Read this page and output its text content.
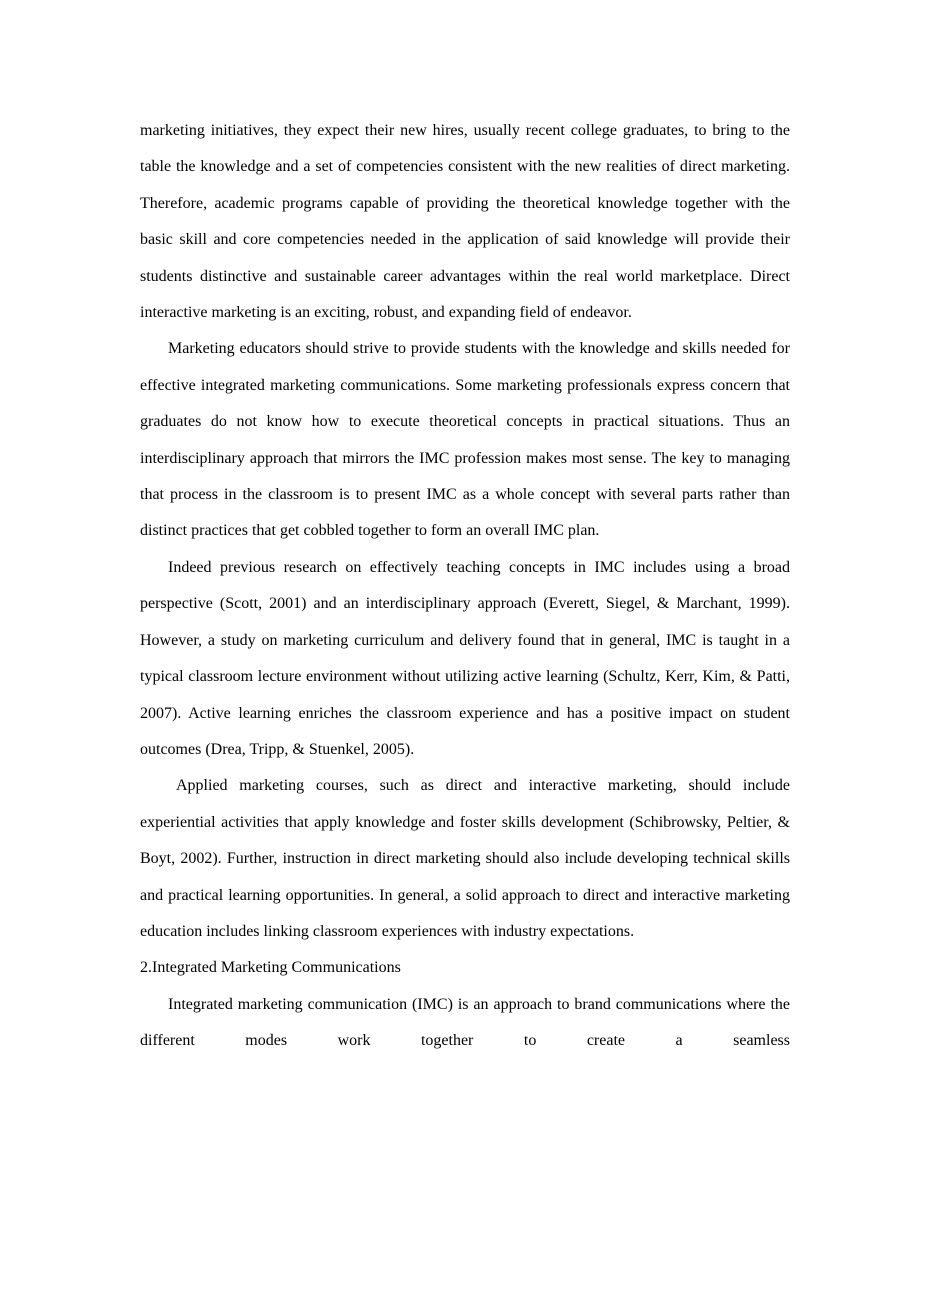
marketing initiatives, they expect their new hires, usually recent college graduates, to bring to the table the knowledge and a set of competencies consistent with the new realities of direct marketing. Therefore, academic programs capable of providing the theoretical knowledge together with the basic skill and core competencies needed in the application of said knowledge will provide their students distinctive and sustainable career advantages within the real world marketplace. Direct interactive marketing is an exciting, robust, and expanding field of endeavor.

Marketing educators should strive to provide students with the knowledge and skills needed for effective integrated marketing communications. Some marketing professionals express concern that graduates do not know how to execute theoretical concepts in practical situations. Thus an interdisciplinary approach that mirrors the IMC profession makes most sense. The key to managing that process in the classroom is to present IMC as a whole concept with several parts rather than distinct practices that get cobbled together to form an overall IMC plan.

Indeed previous research on effectively teaching concepts in IMC includes using a broad perspective (Scott, 2001) and an interdisciplinary approach (Everett, Siegel, & Marchant, 1999). However, a study on marketing curriculum and delivery found that in general, IMC is taught in a typical classroom lecture environment without utilizing active learning (Schultz, Kerr, Kim, & Patti, 2007). Active learning enriches the classroom experience and has a positive impact on student outcomes (Drea, Tripp, & Stuenkel, 2005).

Applied marketing courses, such as direct and interactive marketing, should include experiential activities that apply knowledge and foster skills development (Schibrowsky, Peltier, & Boyt, 2002). Further, instruction in direct marketing should also include developing technical skills and practical learning opportunities. In general, a solid approach to direct and interactive marketing education includes linking classroom experiences with industry expectations.

2.Integrated Marketing Communications

Integrated marketing communication (IMC) is an approach to brand communications where the different modes work together to create a seamless
